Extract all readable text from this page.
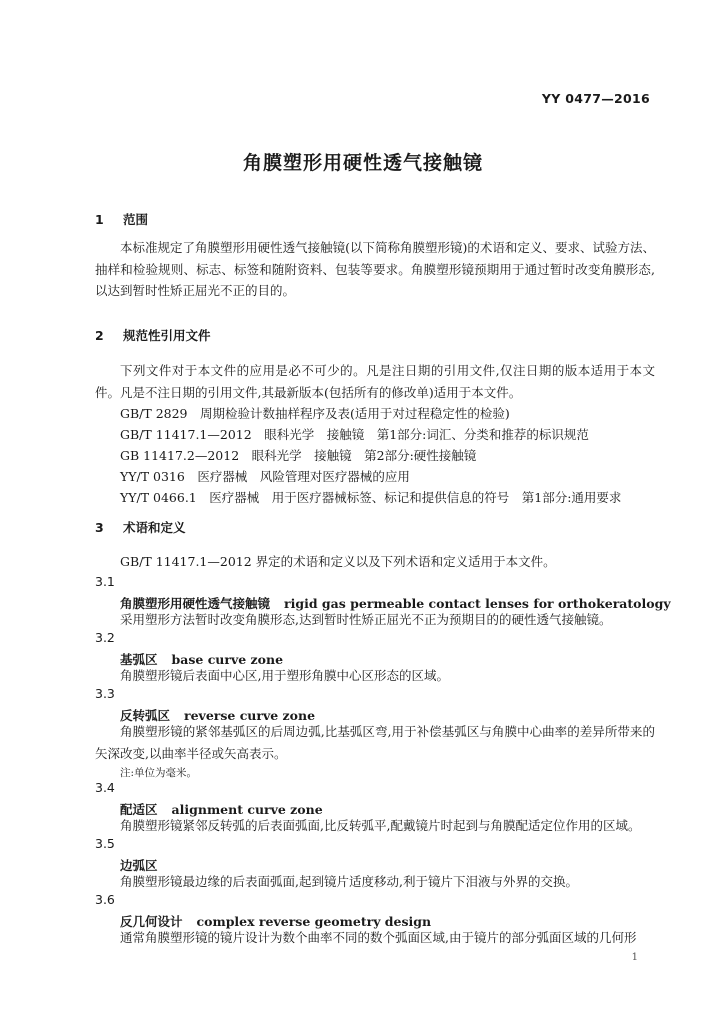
YY 0477—2016
角膜塑形用硬性透气接触镜
1 范围
本标准规定了角膜塑形用硬性透气接触镜(以下简称角膜塑形镜)的术语和定义、要求、试验方法、抽样和检验规则、标志、标签和随附资料、包装等要求。角膜塑形镜预期用于通过暂时改变角膜形态,以达到暂时性矫正屈光不正的目的。
2 规范性引用文件
下列文件对于本文件的应用是必不可少的。凡是注日期的引用文件,仅注日期的版本适用于本文件。凡是不注日期的引用文件,其最新版本(包括所有的修改单)适用于本文件。
GB/T 2829　周期检验计数抽样程序及表(适用于对过程稳定性的检验)
GB/T 11417.1—2012　眼科光学　接触镜　第1部分:词汇、分类和推荐的标识规范
GB 11417.2—2012　眼科光学　接触镜　第2部分:硬性接触镜
YY/T 0316　医疗器械　风险管理对医疗器械的应用
YY/T 0466.1　医疗器械　用于医疗器械标签、标记和提供信息的符号　第1部分:通用要求
3 术语和定义
GB/T 11417.1—2012 界定的术语和定义以及下列术语和定义适用于本文件。
3.1
角膜塑形用硬性透气接触镜 rigid gas permeable contact lenses for orthokeratology
采用塑形方法暂时改变角膜形态,达到暂时性矫正屈光不正为预期目的的硬性透气接触镜。
3.2
基弧区 base curve zone
角膜塑形镜后表面中心区,用于塑形角膜中心区形态的区域。
3.3
反转弧区 reverse curve zone
角膜塑形镜的紧邻基弧区的后周边弧,比基弧区弯,用于补偿基弧区与角膜中心曲率的差异所带来的矢深改变,以曲率半径或矢高表示。
注:单位为毫米。
3.4
配适区 alignment curve zone
角膜塑形镜紧邻反转弧的后表面弧面,比反转弧平,配戴镜片时起到与角膜配适定位作用的区域。
3.5
边弧区
角膜塑形镜最边缘的后表面弧面,起到镜片适度移动,利于镜片下泪液与外界的交换。
3.6
反几何设计 complex reverse geometry design
通常角膜塑形镜的镜片设计为数个曲率不同的数个弧面区域,由于镜片的部分弧面区域的几何形
1
